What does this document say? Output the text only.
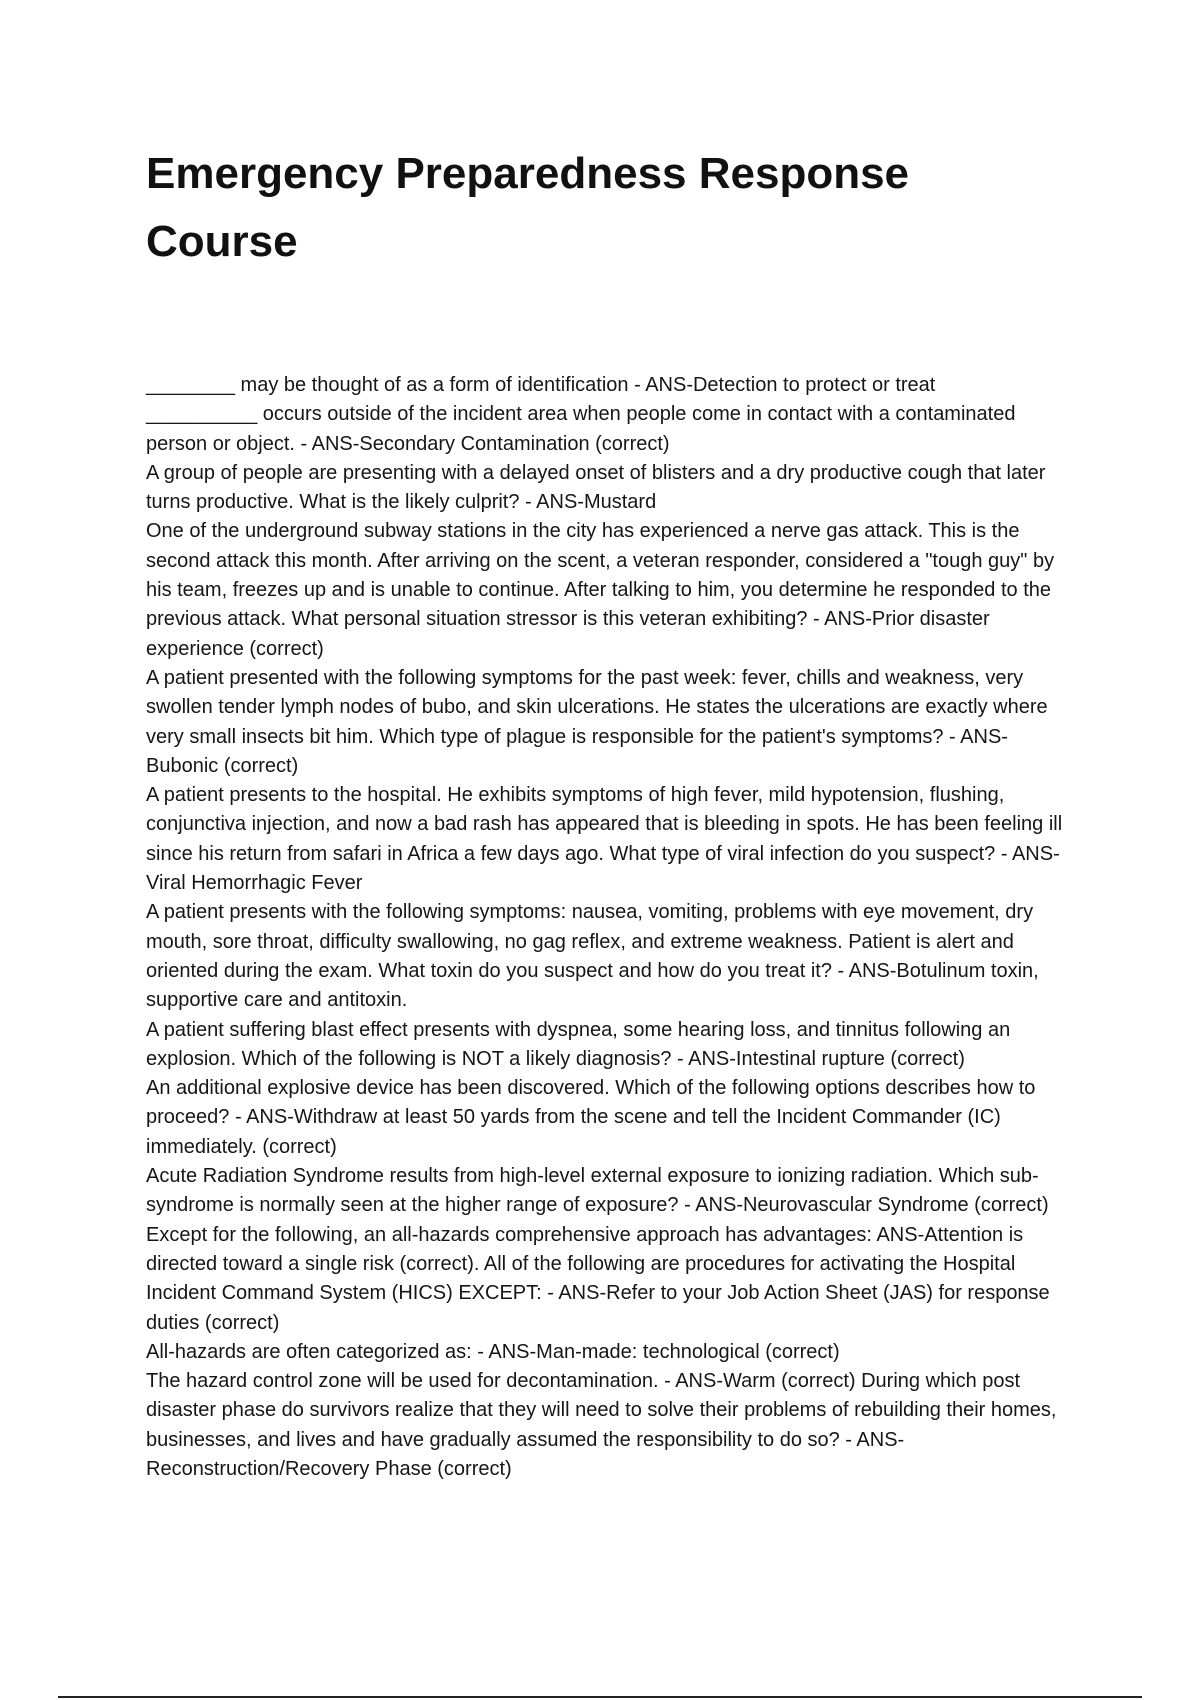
Emergency Preparedness Response Course

________ may be thought of as a form of identification - ANS-Detection to protect or treat

__________ occurs outside of the incident area when people come in contact with a contaminated person or object. - ANS-Secondary Contamination (correct)

A group of people are presenting with a delayed onset of blisters and a dry productive cough that later turns productive. What is the likely culprit? - ANS-Mustard

One of the underground subway stations in the city has experienced a nerve gas attack. This is the second attack this month. After arriving on the scent, a veteran responder, considered a "tough guy" by his team, freezes up and is unable to continue. After talking to him, you determine he responded to the previous attack. What personal situation stressor is this veteran exhibiting? - ANS-Prior disaster experience (correct)

A patient presented with the following symptoms for the past week: fever, chills and weakness, very swollen tender lymph nodes of bubo, and skin ulcerations. He states the ulcerations are exactly where very small insects bit him. Which type of plague is responsible for the patient's symptoms? - ANS-Bubonic (correct)

A patient presents to the hospital. He exhibits symptoms of high fever, mild hypotension, flushing, conjunctiva injection, and now a bad rash has appeared that is bleeding in spots. He has been feeling ill since his return from safari in Africa a few days ago. What type of viral infection do you suspect? - ANS-Viral Hemorrhagic Fever

A patient presents with the following symptoms: nausea, vomiting, problems with eye movement, dry mouth, sore throat, difficulty swallowing, no gag reflex, and extreme weakness. Patient is alert and oriented during the exam. What toxin do you suspect and how do you treat it? - ANS-Botulinum toxin, supportive care and antitoxin.

A patient suffering blast effect presents with dyspnea, some hearing loss, and tinnitus following an explosion. Which of the following is NOT a likely diagnosis? - ANS-Intestinal rupture (correct)

An additional explosive device has been discovered. Which of the following options describes how to proceed? - ANS-Withdraw at least 50 yards from the scene and tell the Incident Commander (IC) immediately. (correct)

Acute Radiation Syndrome results from high-level external exposure to ionizing radiation. Which sub-syndrome is normally seen at the higher range of exposure? - ANS-Neurovascular Syndrome (correct)

Except for the following, an all-hazards comprehensive approach has advantages: ANS-Attention is directed toward a single risk (correct). All of the following are procedures for activating the Hospital Incident Command System (HICS) EXCEPT: - ANS-Refer to your Job Action Sheet (JAS) for response duties (correct)

All-hazards are often categorized as: - ANS-Man-made: technological (correct)

The hazard control zone will be used for decontamination. - ANS-Warm (correct) During which post disaster phase do survivors realize that they will need to solve their problems of rebuilding their homes, businesses, and lives and have gradually assumed the responsibility to do so? - ANS-Reconstruction/Recovery Phase (correct)
